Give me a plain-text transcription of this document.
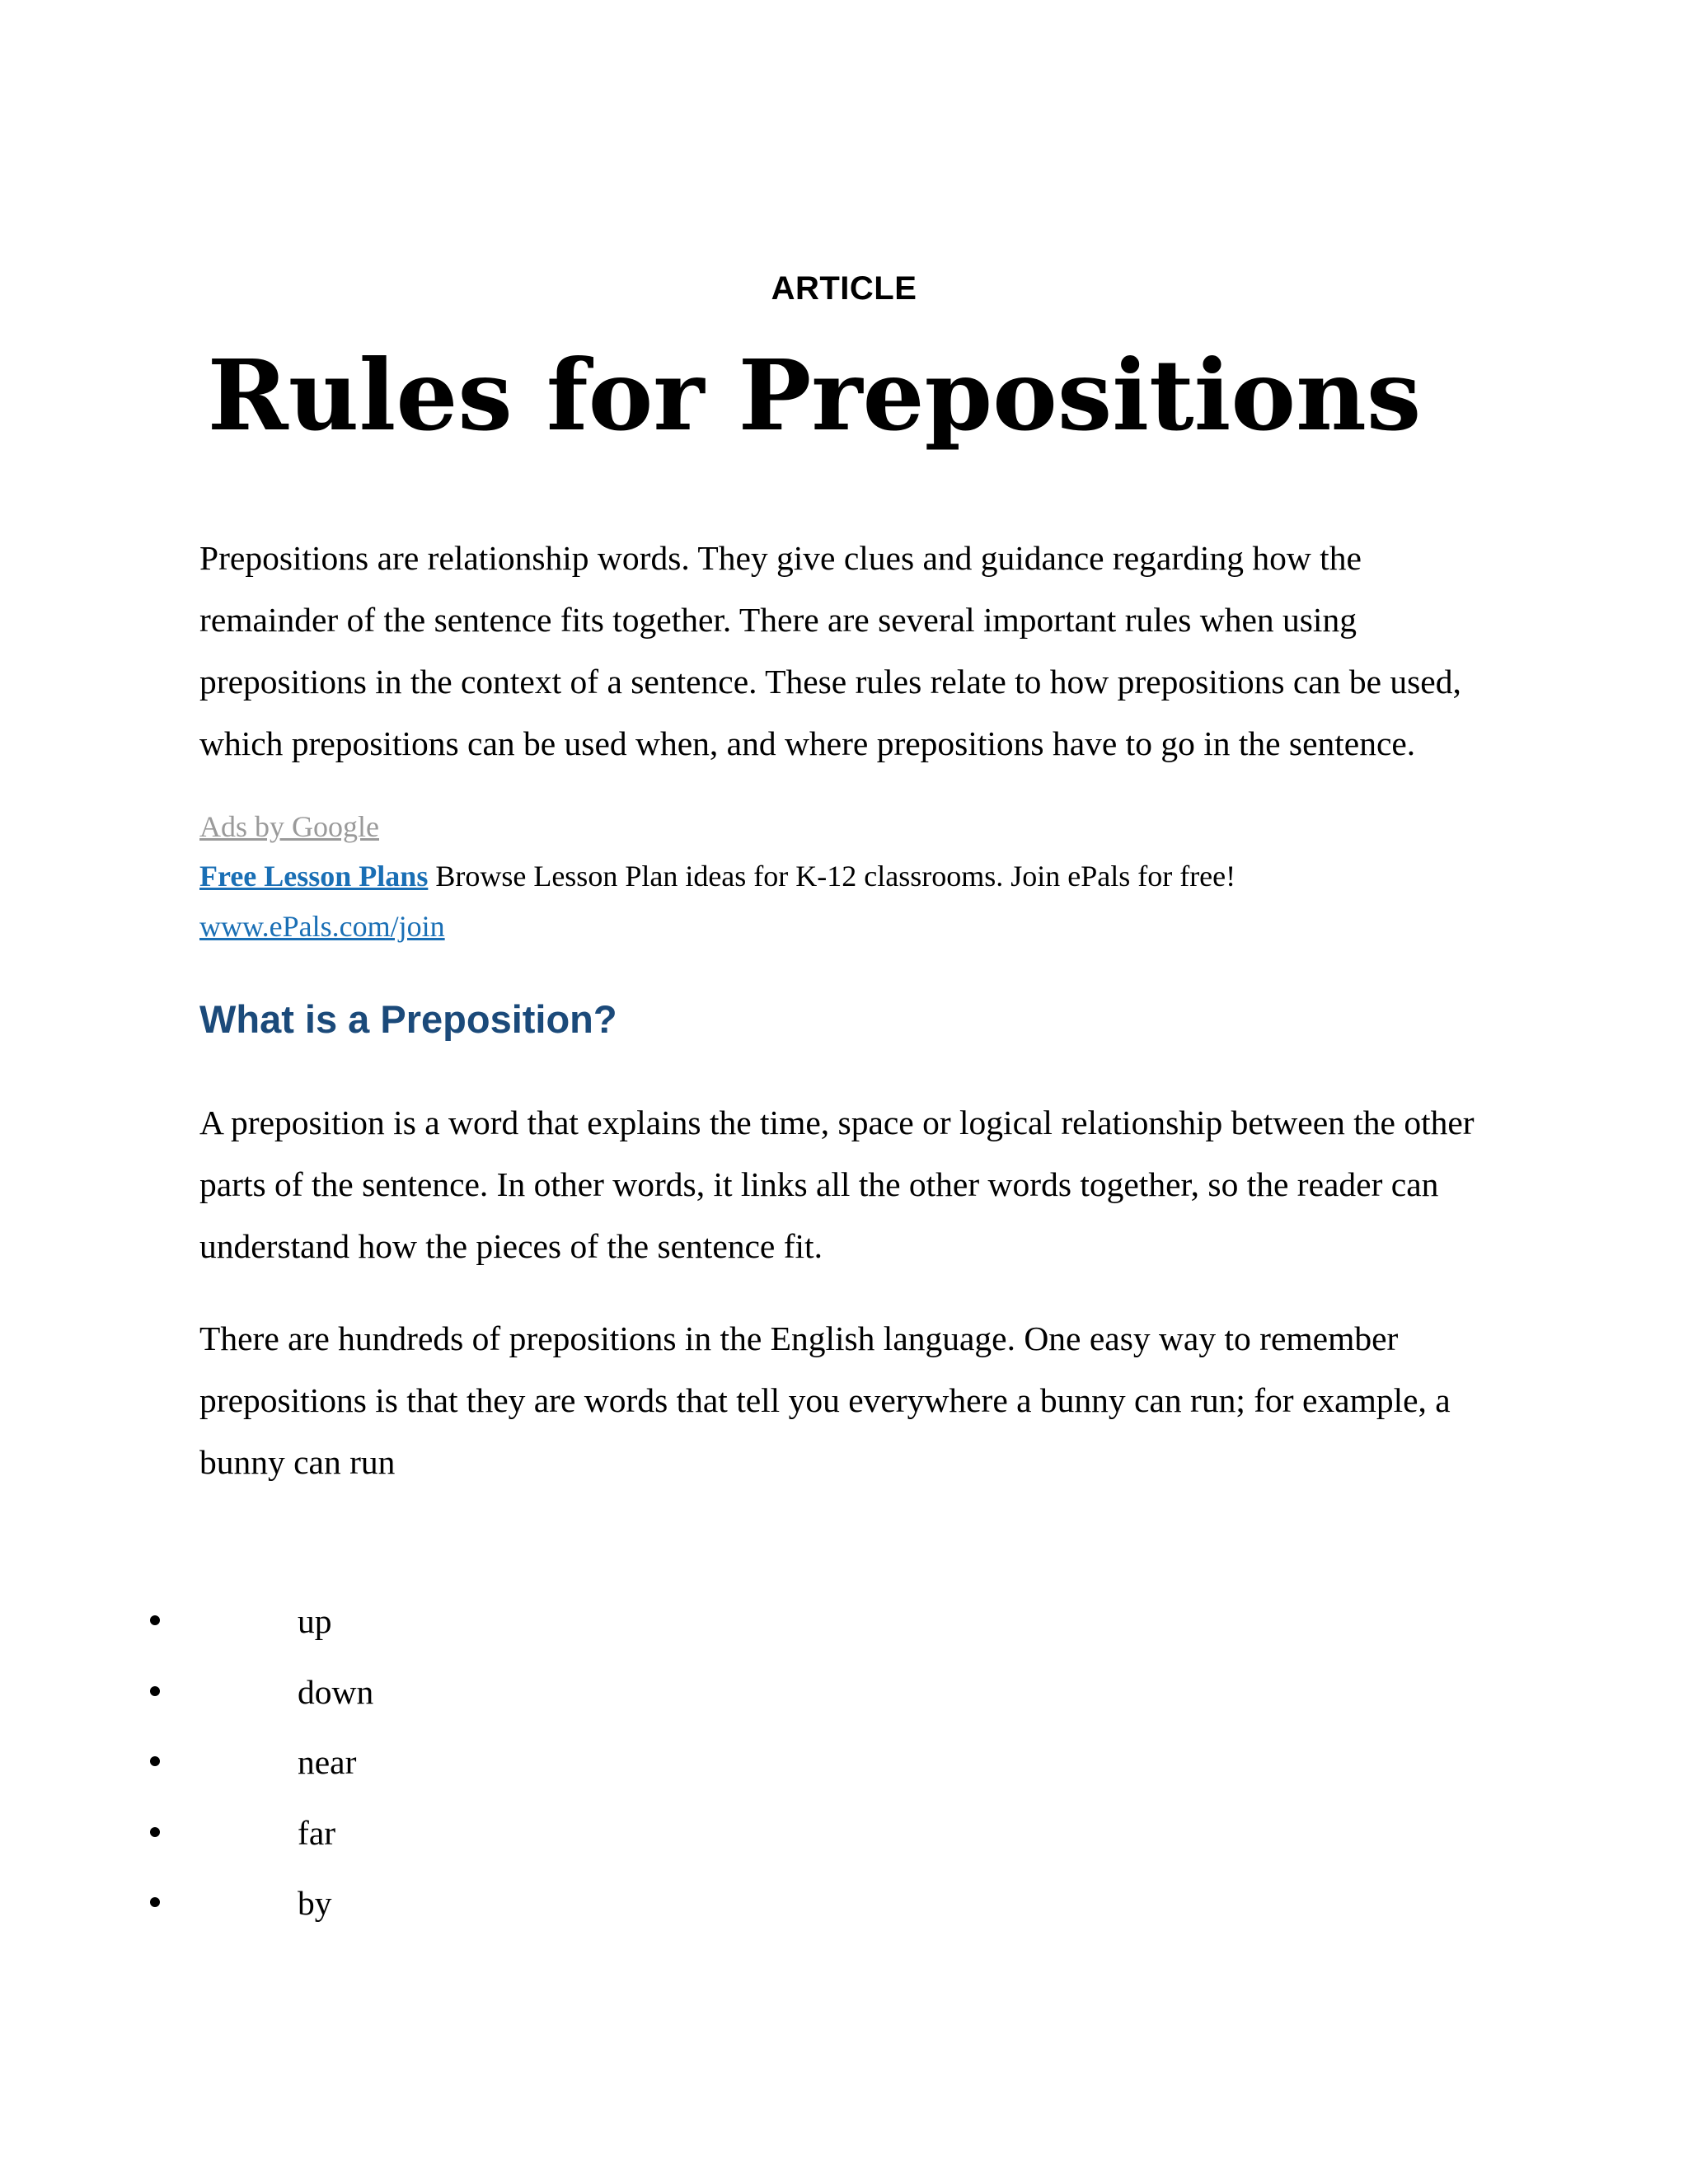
ARTICLE
Rules for Prepositions

Prepositions are relationship words. They give clues and guidance regarding how the remainder of the sentence fits together. There are several important rules when using prepositions in the context of a sentence. These rules relate to how prepositions can be used, which prepositions can be used when, and where prepositions have to go in the sentence.

Ads by Google
Free Lesson Plans Browse Lesson Plan ideas for K-12 classrooms. Join ePals for free!
www.ePals.com/join
What is a Preposition?

A preposition is a word that explains the time, space or logical relationship between the other parts of the sentence. In other words, it links all the other words together, so the reader can understand how the pieces of the sentence fit.

There are hundreds of prepositions in the English language. One easy way to remember prepositions is that they are words that tell you everywhere a bunny can run; for example, a bunny can run

up
down
near
far
by
